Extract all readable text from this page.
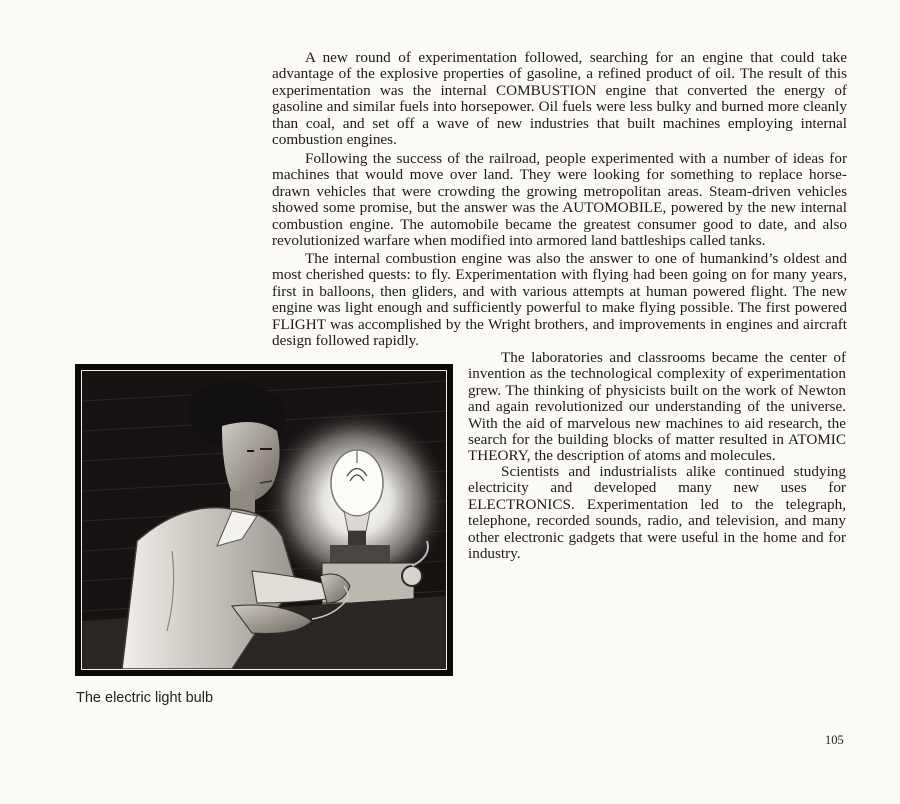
A new round of experimentation followed, searching for an engine that could take advantage of the explosive properties of gasoline, a refined product of oil. The result of this experimentation was the internal COMBUSTION engine that converted the energy of gasoline and similar fuels into horsepower. Oil fuels were less bulky and burned more cleanly than coal, and set off a wave of new industries that built machines employing internal combustion engines.

Following the success of the railroad, people experimented with a number of ideas for machines that would move over land. They were looking for something to replace horse-drawn vehicles that were crowding the growing metropolitan areas. Steam-driven vehicles showed some promise, but the answer was the AUTOMOBILE, powered by the new internal combustion engine. The automobile became the greatest consumer good to date, and also revolutionized warfare when modified into armored land battleships called tanks.

The internal combustion engine was also the answer to one of humankind’s oldest and most cherished quests: to fly. Experimentation with flying had been going on for many years, first in balloons, then gliders, and with various attempts at human powered flight. The new engine was light enough and sufficiently powerful to make flying possible. The first powered FLIGHT was accomplished by the Wright brothers, and improvements in engines and aircraft design followed rapidly.

The laboratories and classrooms became the center of invention as the technological complexity of experimentation grew. The thinking of physicists built on the work of Newton and again revolutionized our understanding of the universe. With the aid of marvelous new machines to aid research, the search for the building blocks of matter resulted in ATOMIC THEORY, the description of atoms and molecules.

Scientists and industrialists alike continued studying electricity and developed many new uses for ELECTRONICS. Experimentation led to the telegraph, telephone, recorded sounds, radio, and television, and many other electronic gadgets that were useful in the home and for industry.

The electric light bulb
105
